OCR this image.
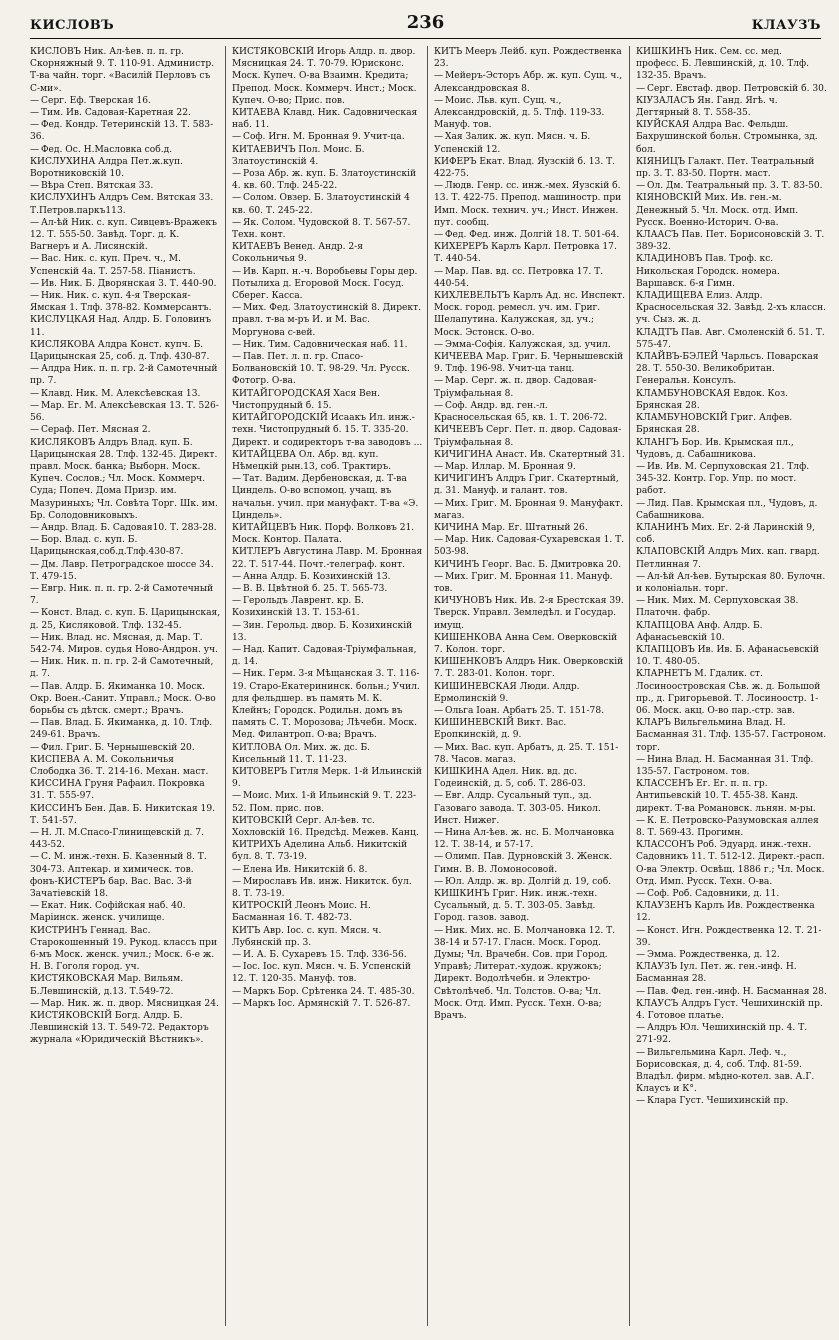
КИСЛОВЪ	236	КЛАУЗЪ
КИСЛОВЪ Ник. Ал-ѣев. п. п. гр. Скорняжный 9. Т. 110-91. Администр. Т-ва чайн. торг. «Василій Перловъ съ С-ми».
— Серг. Еф. Тверская 16.
— Тим. Ив. Садовая-Каретная 22.
— Фед. Кондр. Тетеринскій 13. Т. 583-36.
— Фед. Ос. Н.Масловка соб.д.
КИСЛУХИНА Алдра Пет.ж.куп. Воротниковскій 10.
— Вѣра Степ. Вятская 33.
КИСЛУХИНЪ Алдръ Сем. Вятская 33. Т.Петров.паркъ113.
— Ал-ѣй Ник. с. куп. Сивцевъ-Вражекъ 12. Т. 555-50. Завѣд. Торг. д. К. Вагнеръ и А. Лисянскій.
— Вас. Ник. с. куп. Преч. ч., М. Успенскій 4а. Т. 257-58. Піанистъ.
— Ив. Ник. Б. Дворянская 3. Т. 440-90.
— Ник. Ник. с. куп. 4-я Тверская-Ямская 1. Тлф. 378-82. Коммерсантъ.
КИСЛУЦКАЯ Над. Алдр. Б. Головинъ 11.
КИСЛЯКОВА Алдра Конст. купч. Б. Царицынская 25, соб. д. Тлф. 430-87.
— Алдра Ник. п. п. гр. 2-й Самотечный пр. 7.
— Клавд. Ник. М. Алексѣевская 13.
— Мар. Ег. М. Алексѣевская 13. Т. 526-56.
— Сераф. Пет. Мясная 2.
КИСЛЯКОВЪ Алдръ Влад. куп. Б. Царицынская 28. Тлф. 132-45. Директ. правл. Моск. банка; Выборн. Моск. Купеч. Сослов.; Чл. Моск. Коммерч. Суда; Попеч. Дома Призр. им. Мазуриныхъ; Чл. Совѣта Торг. Шк. им. Бр. Солодовниковыхъ.
— Андр. Влад. Б. Садовая10. Т. 283-28.
— Бор. Влад. с. куп. Б. Царицынская,соб.д.Тлф.430-87.
— Дм. Лавр. Петроградское шоссе 34. Т. 479-15.
— Евгр. Ник. п. п. гр. 2-й Самотечный 7.
— Конст. Влад. с. куп. Б. Царицынская, д. 25, Кисляковой. Тлф. 132-45.
— Ник. Влад. нс. Мясная, д. Мар. Т. 542-74. Миров. судья Ново-Андрон. уч.
— Ник. Ник. п. п. гр. 2-й Самотечный, д. 7.
— Пав. Алдр. Б. Якиманка 10. Моск. Окр. Воен.-Санит. Управл.; Моск. О-во борьбы съ дѣтск. смерт.; Врачъ.
— Пав. Влад. Б. Якиманка, д. 10. Тлф. 249-61. Врачъ.
— Фил. Григ. Б. Чернышевскій 20.
КИСПЕВА А. М. Сокольничья Слободка 36. Т. 214-16. Механ. маст.
КИССИНА Груня Рафаил. Покровка 31. Т. 555-97.
КИССИНЪ Бен. Дав. Б. Никитская 19. Т. 541-57.
— Н. Л. М.Спасо-Глинищевскій д. 7. 443-52.
— С. М. инж.-техн. Б. Казенный 8. Т. 304-73. Аптекар. и химическ. тов.
фонъ-КИСТЕРЪ бар. Вас. Вас. 3-й Зачатіевскій 18.
— Екат. Ник. Софійская наб. 40. Маріинск. женск. училище.
КИСТРИНЪ Геннад. Вас. Старокошенный 19. Рукод. классъ при 6-мъ Моск. женск. учил.; Моск. 6-е ж. Н. В. Гоголя город. уч.
КИСТЯКОВСКАЯ Мар. Вильям. Б.Левшинскій, д.13. Т.549-72.
— Мар. Ник. ж. п. двор. Мясницкая 24.
КИСТЯКОВСКІЙ Богд. Алдр. Б. Левшинскій 13. Т. 549-72. Редакторъ журнала «Юридическій Вѣстникъ».
КИСТЯКОВСКІЙ Игорь Алдр. п. двор. Мясницкая 24. Т. 70-79. Юрисконс. Моск. Купеч. О-ва Взаимн. Кредита; Препод. Моск. Коммерч. Инст.; Моск. Купеч. О-во; Прис. пов.
КИТАЕВА Клавд. Ник. Садовническая наб. 11.
— Соф. Игн. М. Бронная 9. Учит-ца.
КИТАЕВИЧЪ Пол. Моис. Б. Златоустинскій 4.
— Роза Абр. ж. куп. Б. Златоустинскій 4. кв. 60. Тлф. 245-22.
— Солом. Овзер. Б. Златоустинскій 4 кв. 60. Т. 245-22.
— Як. Солом. Чудовской 8. Т. 567-57. Техн. конт.
КИТАЕВЪ Венед. Андр. 2-я Сокольничья 9.
— Ив. Карп. н.-ч. Воробьевы Горы дер. Потылиха д. Егоровой Моск. Госуд. Сберег. Касса.
— Мих. Фед. Златоустинскій 8. Директ. правл. т-ва м-ръ И. и М. Вас. Моргунова с-вей.
— Ник. Тим. Садовническая наб. 11.
— Пав. Пет. л. п. гр. Спасо-Болвановскій 10. Т. 98-29. Чл. Русск. Фотогр. О-ва.
КИТАЙГОРОДСКАЯ Хася Вен. Чистопрудный б. 15.
КИТАЙГОРОДСКІЙ Исаакъ Ил. инж.-техн. Чистопрудный б. 15. Т. 335-20. Директ. и содиректоръ т-ва заводовъ ...
КИТАЙЦЕВА Ол. Абр. вд. куп. Нѣмецкій рын.13, соб. Трактиръ.
— Тат. Вадим. Дербеновская, д. Т-ва Циндель. О-во вспомоц. учащ. въ начальн. учил. при мануфакт. Т-ва «Э. Циндель».
КИТАЙЦЕВЪ Ник. Порф. Волковъ 21. Моск. Контор. Палата.
КИТЛЕРЪ Августина Лавр. М. Бронная 22. Т. 517-44. Почт.-телеграф. конт.
— Анна Алдр. Б. Козихинскій 13.
— В. В. Цвѣтной б. 25. Т. 565-73.
— Герольдъ Лаврент. кр. Б. Козихинскій 13. Т. 153-61.
— Зин. Герольд. двор. Б. Козихинскій 13.
— Над. Капит. Садовая-Тріумфальная, д. 14.
— Ник. Герм. 3-я Мѣщанская 3. Т. 116-19. Старо-Екатерининск. больн.; Учил. для фельдшер. въ память М. К. Клейнъ; Городск. Родильн. домъ въ память С. Т. Морозова; Лѣчебн. Моск. Мед. Филантроп. О-ва; Врачъ.
КИТЛОВА Ол. Мих. ж. дс. Б. Кисельный 11. Т. 11-23.
КИТОВЕРЪ Гитля Мерк. 1-й Ильинскій 9.
— Моис. Мих. 1-й Ильинскій 9. Т. 223-52. Пом. прис. пов.
КИТОВСКІЙ Серг. Ал-ѣев. тс. Хохловскій 16. Предсѣд. Межев. Канц.
КИТРИХЪ Аделина Альб. Никитскій бул. 8. Т. 73-19.
— Елена Ив. Никитскій б. 8.
— Мирославъ Ив. инж. Никитск. бул. 8. Т. 73-19.
КИТРОСКІЙ Леонъ Моис. Н. Басманная 16. Т. 482-73.
КИТЪ Авр. Іос. с. куп. Мясн. ч. Лубянскій пр. 3.
— И. А. Б. Сухаревъ 15. Тлф. 336-56.
— Іос. Іос. куп. Мясн. ч. Б. Успенскій 12. Т. 120-35. Мануф. тов.
— Маркъ Бор. Срѣтенка 24. Т. 485-30.
— Маркъ Іос. Армянскій 7. Т. 526-87.
КИТЪ Мееръ Лейб. куп. Рождественка 23.
— Мейеръ-Эсторъ Абр. ж. куп. Сущ. ч., Александровская 8.
— Моис. Льв. куп. Сущ. ч., Александровскій, д. 5. Тлф. 119-33. Мануф. тов.
— Хая Залик. ж. куп. Мясн. ч. Б. Успенскій 12.
КИФЕРЪ Екат. Влад. Яузскій б. 13. Т. 422-75.
— Людв. Генр. сс. инж.-мех. Яузскій б. 13. Т. 422-75. Препод. машиностр. при Имп. Моск. технич. уч.; Инст. Инжен. пут. сообщ.
— Фед. Фед. инж. Долгій 18. Т. 501-64.
КИХЕРЕРЪ Карлъ Карл. Петровка 17. Т. 440-54.
— Мар. Пав. вд. сс. Петровка 17. Т. 440-54.
КИХЛЕВЕЛЬТЪ Карлъ Ад. нс. Инспект. Моск. город. ремесл. уч. им. Григ. Шелапутина. Калужская, зд. уч.; Моск. Эстонск. О-во.
— Эмма-Софія. Калужская, зд. учил.
КИЧЕЕВА Мар. Григ. Б. Чернышевскій 9. Тлф. 196-98. Учит-ца танц.
— Мар. Серг. ж. п. двор. Садовая-Тріумфальная 8.
— Соф. Андр. вд. ген.-л. Красносельская 65, кв. 1. Т. 206-72.
КИЧЕЕВЪ Серг. Пет. п. двор. Садовая-Тріумфальная 8.
КИЧИГИНА Анаст. Ив. Скатертный 31.
— Мар. Иллар. М. Бронная 9.
КИЧИГИНЪ Алдръ Григ. Скатертный, д. 31. Мануф. и галант. тов.
— Мих. Григ. М. Бронная 9. Мануфакт. магаз.
КИЧИНА Мар. Ег. Штатный 26.
— Мар. Ник. Садовая-Сухаревская 1. Т. 503-98.
КИЧИНЪ Георг. Вас. Б. Дмитровка 20.
— Мих. Григ. М. Бронная 11. Мануф. тов.
КИЧУНОВЪ Ник. Ив. 2-я Брестская 39. Тверск. Управл. Земледѣл. и Государ. имущ.
КИШЕНКОВА Анна Сем. Оверковскій 7. Колон. торг.
КИШЕНКОВЪ Алдръ Ник. Оверковскій 7. Т. 283-01. Колон. торг.
КИШИНЕВСКАЯ Люди. Алдр. Ермолинскій 9.
— Ольга Іоан. Арбатъ 25. Т. 151-78.
КИШИНЕВСКІЙ Викт. Вас. Еропкинскій, д. 9.
— Мих. Вас. куп. Арбатъ, д. 25. Т. 151-78. Часов. магаз.
КИШКИНА Адел. Ник. вд. дс. Годеинскій, д. 5, соб. Т. 286-03.
— Евг. Алдр. Сусальный туп., зд. Газоваго завода. Т. 303-05. Никол. Инст. Нижег.
— Нина Ал-ѣев. ж. нс. Б. Молчановка 12. Т. 38-14, и 57-17.
— Олимп. Пав. Дурновскій 3. Женск. Гимн. В. В. Ломоносовой.
— Юл. Алдр. ж. вр. Долгій д. 19, соб.
КИШКИНЪ Григ. Ник. инж.-техн. Сусальный, д. 5. Т. 303-05. Завѣд. Город. газов. завод.
— Ник. Мих. нс. Б. Молчановка 12. Т. 38-14 и 57-17. Гласн. Моск. Город. Думы; Чл. Врачебн. Сов. при Город. Управѣ; Литерат.-худож. кружокъ; Директ. Водолѣчебн. и Электро-Свѣтолѣчеб. Чл. Толстов. О-ва; Чл. Моск. Отд. Имп. Русск. Техн. О-ва; Врачъ.
КИШКИНЪ Ник. Сем. сс. мед. професс. Б. Левшинскій, д. 10. Тлф. 132-35. Врачъ.
— Серг. Евстаф. двор. Петровскій б. 30.
КІУЗАЛАСЪ Ян. Ганд. Ягѣ. ч. Дегтярный 8. Т. 558-35.
КІУЙСКАЯ Алдра Вас. Фельдш. Бахрушинской больн. Стромынка, зд. бол.
КІЯНИЦЪ Галакт. Пет. Театральный пр. 3. Т. 83-50. Портн. маст.
— Ол. Дм. Театральный пр. 3. Т. 83-50.
КІЯНОВСКІЙ Мих. Ив. ген.-м. Денежный 5. Чл. Моск. отд. Имп. Русск. Военно-Историч. О-ва.
КЛААСЪ Пав. Пет. Борисоновскій 3. Т. 389-32.
КЛАДИНОВЪ Пав. Троф. кс. Никольская Городск. номера. Варшавск. 6-я Гимн.
КЛАДИЩЕВА Елиз. Алдр. Красносельская 32. Завѣд. 2-хъ классн. уч. Сыз. ж. д.
КЛАДТЪ Пав. Авг. Смоленскій б. 51. Т. 575-47.
КЛАЙВЪ-БЭЛЕЙ Чарльсъ. Поварская 28. Т. 550-30. Великобритан. Генеральн. Консулъ.
КЛАМБУНОВСКАЯ Евдок. Коз. Брянская 28.
КЛАМБУНОВСКІЙ Григ. Алфев. Брянская 28.
КЛАНГЪ Бор. Ив. Крымская пл., Чудовъ, д. Сабашникова.
— Ив. Ив. М. Серпуховская 21. Тлф. 345-32. Контр. Гор. Упр. по мост. работ.
— Лид. Пав. Крымская пл., Чудовъ, д. Сабашникова.
КЛАНИНЪ Мих. Ег. 2-й Ларинскій 9, соб.
КЛАПОВСКІЙ Алдръ Мих. кап. гвард. Петлинная 7.
— Ал-ѣй Ал-ѣев. Бутырская 80. Булочн. и колоніальн. торг.
— Ник. Мих. М. Серпуховская 38. Платочн. фабр.
КЛАПЦОВА Анф. Алдр. Б. Афанасьевскій 10.
КЛАПЦОВЪ Ив. Ив. Б. Афанасьевскій 10. Т. 480-05.
КЛАРНЕТЪ М. Гдалик. ст. Лосиноостровская Сѣв. ж. д. Большой пр., д. Григорьевой. Т. Лосиноостр. 1-06. Моск. акц. О-во пар.-стр. зав.
КЛАРЪ Вильгельмина Влад. Н. Басманная 31. Тлф. 135-57. Гастроном. торг.
— Нина Влад. Н. Басманная 31. Тлф. 135-57. Гастроном. тов.
КЛАССЕНЪ Ег. Ег. п. п. гр. Антипьевскій 10. Т. 455-38. Канд. директ. Т-ва Романовск. льнян. м-ры.
— К. Е. Петровско-Разумовская аллея 8. Т. 569-43. Прогимн.
КЛАССОНЪ Роб. Эдуард. инж.-техн. Садовникъ 11. Т. 512-12. Директ.-расп. О-ва Электр. Освѣщ. 1886 г.; Чл. Моск. Отд. Имп. Русск. Техн. О-ва.
— Соф. Роб. Садовники, д. 11.
КЛАУЗЕНЪ Карлъ Ив. Рождественка 12.
— Конст. Игн. Рождественка 12. Т. 21-39.
— Эмма. Рождественка, д. 12.
КЛАУЗЪ Іул. Пет. ж. ген.-инф. Н. Басманная 28.
— Пав. Фед. ген.-инф. Н. Басманная 28.
КЛАУСЪ Алдръ Густ. Чешихинскій пр. 4. Готовое платье.
— Алдръ Юл. Чешихинскій пр. 4. Т. 271-92.
— Вильгельмина Карл. Леф. ч., Борисовская, д. 4, соб. Тлф. 81-59. Владѣл. фирм. мѣдно-котел. зав. А.Г. Клаусъ и К°.
— Клара Густ. Чешихинскій пр.
